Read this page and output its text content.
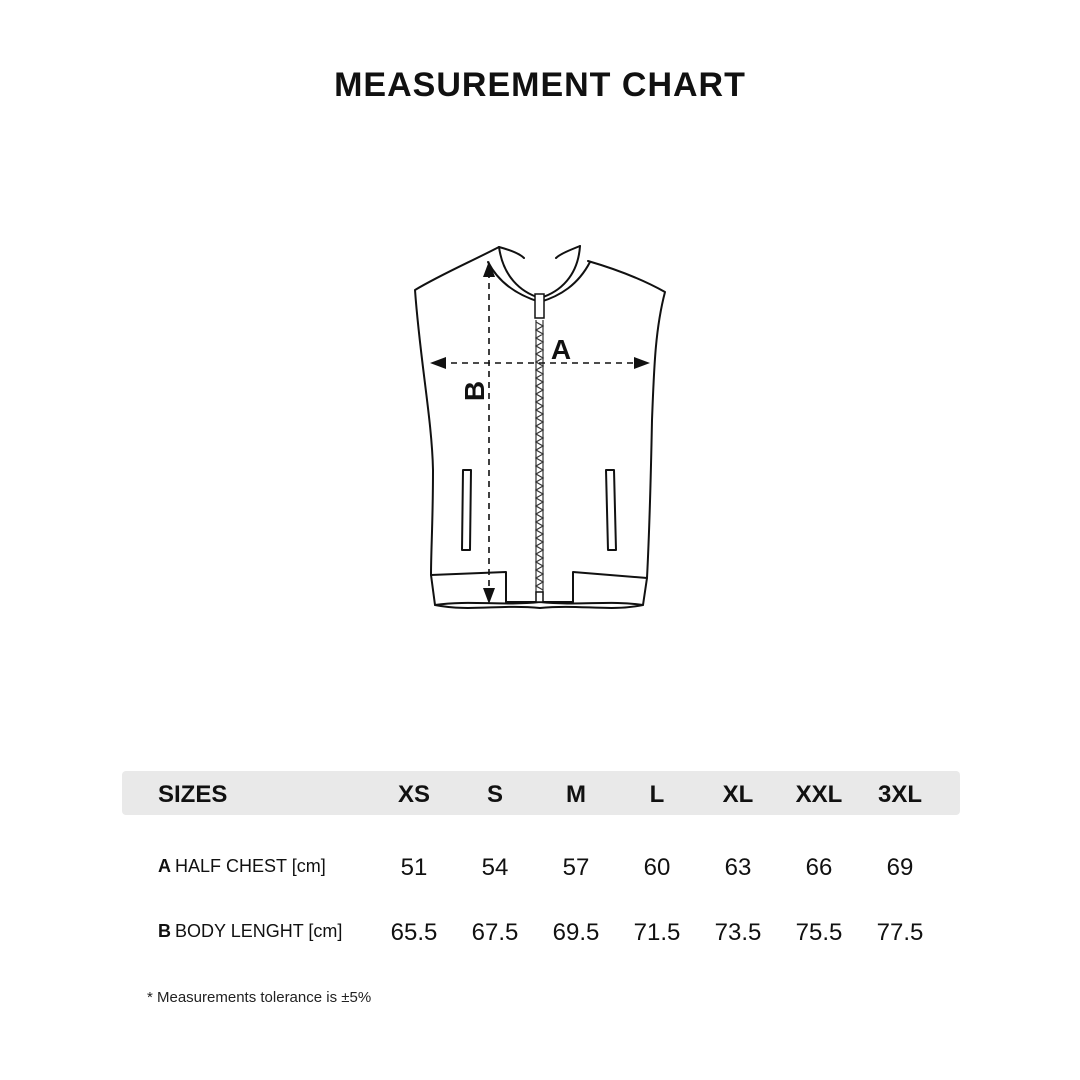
MEASUREMENT CHART
A
B
SIZES	XS S	M	L XL XXL 3XL
A HALF CHEST [cm]	51 54 57 60 63 66 69
B BODY LENGHT [cm] 65.5 67.5 69.5 71.5 73.5 75.5 77.5
* Measurements tolerance is ±5%
